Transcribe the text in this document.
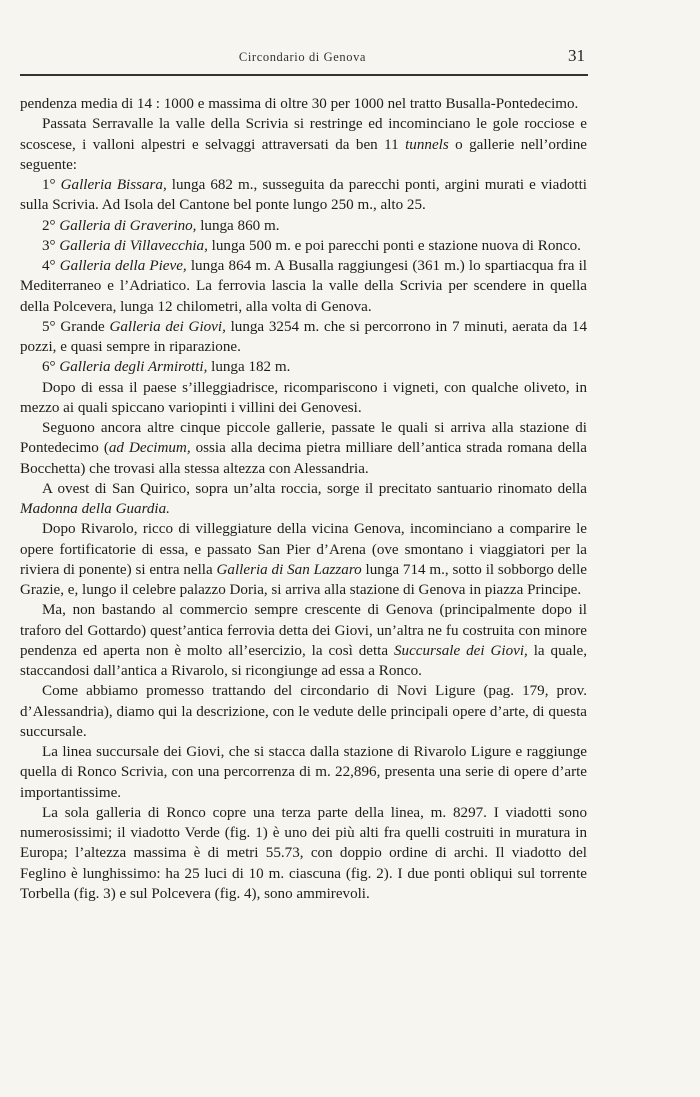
Circondario di Genova	31

pendenza media di 14 : 1000 e massima di oltre 30 per 1000 nel tratto Busalla-Pontedecimo.

Passata Serravalle la valle della Scrivia si restringe ed incominciano le gole rocciose e scoscese, i valloni alpestri e selvaggi attraversati da ben 11 tunnels o gallerie nell’ordine seguente:

1° Galleria Bissara, lunga 682 m., susseguita da parecchi ponti, argini murati e viadotti sulla Scrivia. Ad Isola del Cantone bel ponte lungo 250 m., alto 25.

2° Galleria di Graverino, lunga 860 m.

3° Galleria di Villavecchia, lunga 500 m. e poi parecchi ponti e stazione nuova di Ronco.

4° Galleria della Pieve, lunga 864 m. A Busalla raggiungesi (361 m.) lo spartiacqua fra il Mediterraneo e l’Adriatico. La ferrovia lascia la valle della Scrivia per scendere in quella della Polcevera, lunga 12 chilometri, alla volta di Genova.

5° Grande Galleria dei Giovi, lunga 3254 m. che si percorrono in 7 minuti, aerata da 14 pozzi, e quasi sempre in riparazione.

6° Galleria degli Armirotti, lunga 182 m.

Dopo di essa il paese s’illeggiadrisce, ricompariscono i vigneti, con qualche oliveto, in mezzo ai quali spiccano variopinti i villini dei Genovesi.

Seguono ancora altre cinque piccole gallerie, passate le quali si arriva alla stazione di Pontedecimo (ad Decimum, ossia alla decima pietra milliare dell’antica strada romana della Bocchetta) che trovasi alla stessa altezza con Alessandria.

A ovest di San Quirico, sopra un’alta roccia, sorge il precitato santuario rinomato della Madonna della Guardia.

Dopo Rivarolo, ricco di villeggiature della vicina Genova, incominciano a comparire le opere fortificatorie di essa, e passato San Pier d’Arena (ove smontano i viaggiatori per la riviera di ponente) si entra nella Galleria di San Lazzaro lunga 714 m., sotto il sobborgo delle Grazie, e, lungo il celebre palazzo Doria, si arriva alla stazione di Genova in piazza Principe.

Ma, non bastando al commercio sempre crescente di Genova (principalmente dopo il traforo del Gottardo) quest’antica ferrovia detta dei Giovi, un’altra ne fu costruita con minore pendenza ed aperta non è molto all’esercizio, la così detta Succursale dei Giovi, la quale, staccandosi dall’antica a Rivarolo, si ricongiunge ad essa a Ronco.

Come abbiamo promesso trattando del circondario di Novi Ligure (pag. 179, prov. d’Alessandria), diamo qui la descrizione, con le vedute delle principali opere d’arte, di questa succursale.

La linea succursale dei Giovi, che si stacca dalla stazione di Rivarolo Ligure e raggiunge quella di Ronco Scrivia, con una percorrenza di m. 22,896, presenta una serie di opere d’arte importantissime.

La sola galleria di Ronco copre una terza parte della linea, m. 8297. I viadotti sono numerosissimi; il viadotto Verde (fig. 1) è uno dei più alti fra quelli costruiti in muratura in Europa; l’altezza massima è di metri 55.73, con doppio ordine di archi. Il viadotto del Feglino è lunghissimo: ha 25 luci di 10 m. ciascuna (fig. 2). I due ponti obliqui sul torrente Torbella (fig. 3) e sul Polcevera (fig. 4), sono ammirevoli.
